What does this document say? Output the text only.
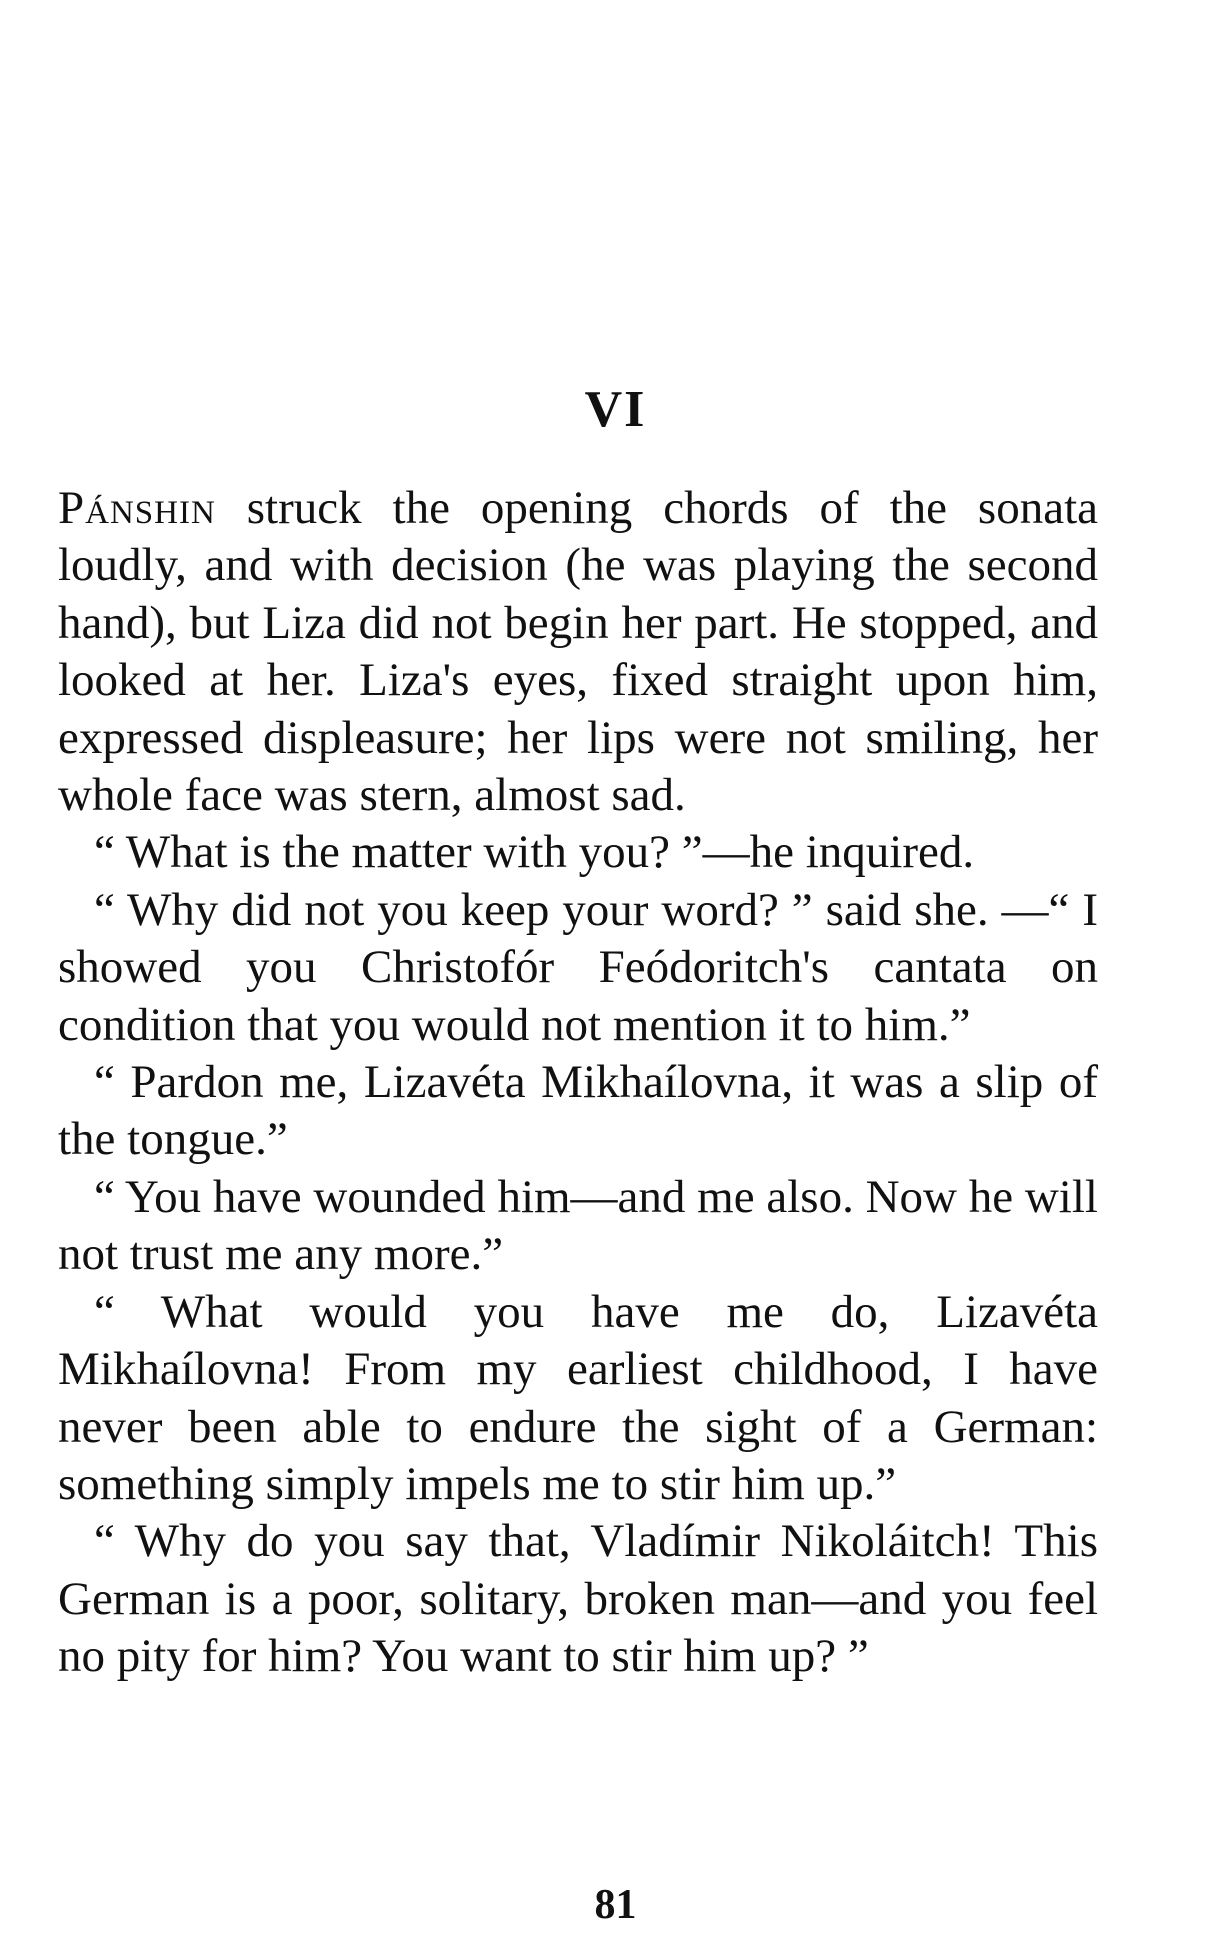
VI

Pánshin struck the opening chords of the sonata loudly, and with decision (he was playing the second hand), but Liza did not begin her part. He stopped, and looked at her. Liza's eyes, fixed straight upon him, expressed displeasure; her lips were not smiling, her whole face was stern, almost sad.

“ What is the matter with you? ”—he inquired.

“ Why did not you keep your word? ” said she. —“ I showed you Christofór Feódoritch's cantata on condition that you would not mention it to him.”

“ Pardon me, Lizavéta Mikhaílovna, it was a slip of the tongue.”

“ You have wounded him—and me also. Now he will not trust me any more.”

“ What would you have me do, Lizavéta Mikhaílovna! From my earliest childhood, I have never been able to endure the sight of a German: something simply impels me to stir him up.”

“ Why do you say that, Vladímir Nikoláitch! This German is a poor, solitary, broken man—and you feel no pity for him? You want to stir him up? ”

81
